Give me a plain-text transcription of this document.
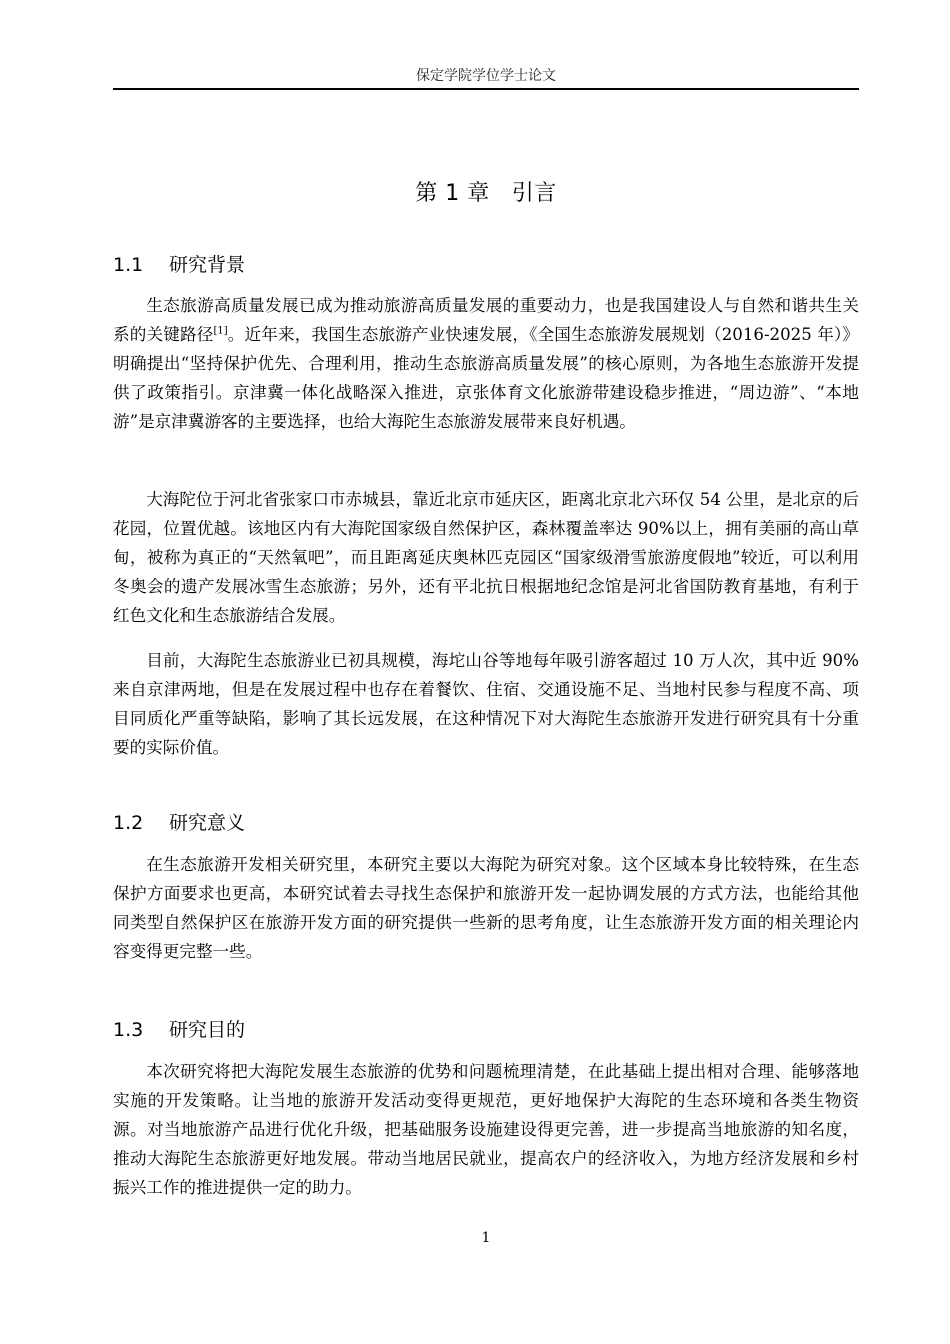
保定学院学位学士论文
第 1 章 引言
1.1 研究背景

生态旅游高质量发展已成为推动旅游高质量发展的重要动力，也是我国建设人与自然和谐共生关系的关键路径[1]。近年来，我国生态旅游产业快速发展，《全国生态旅游发展规划（2016-2025 年）》明确提出“坚持保护优先、合理利用，推动生态旅游高质量发展”的核心原则，为各地生态旅游开发提供了政策指引。京津冀一体化战略深入推进，京张体育文化旅游带建设稳步推进，“周边游”、“本地游”是京津冀游客的主要选择，也给大海陀生态旅游发展带来良好机遇。

大海陀位于河北省张家口市赤城县，靠近北京市延庆区，距离北京北六环仅 54 公里，是北京的后花园，位置优越。该地区内有大海陀国家级自然保护区，森林覆盖率达 90%以上，拥有美丽的高山草甸，被称为真正的“天然氧吧”，而且距离延庆奥林匹克园区“国家级滑雪旅游度假地”较近，可以利用冬奥会的遗产发展冰雪生态旅游；另外，还有平北抗日根据地纪念馆是河北省国防教育基地，有利于红色文化和生态旅游结合发展。

目前，大海陀生态旅游业已初具规模，海坨山谷等地每年吸引游客超过 10 万人次，其中近 90%来自京津两地，但是在发展过程中也存在着餐饮、住宿、交通设施不足、当地村民参与程度不高、项目同质化严重等缺陷，影响了其长远发展，在这种情况下对大海陀生态旅游开发进行研究具有十分重要的实际价值。

1.2 研究意义

在生态旅游开发相关研究里，本研究主要以大海陀为研究对象。这个区域本身比较特殊，在生态保护方面要求也更高，本研究试着去寻找生态保护和旅游开发一起协调发展的方式方法，也能给其他同类型自然保护区在旅游开发方面的研究提供一些新的思考角度，让生态旅游开发方面的相关理论内容变得更完整一些。

1.3 研究目的

本次研究将把大海陀发展生态旅游的优势和问题梳理清楚，在此基础上提出相对合理、能够落地实施的开发策略。让当地的旅游开发活动变得更规范，更好地保护大海陀的生态环境和各类生物资源。对当地旅游产品进行优化升级，把基础服务设施建设得更完善，进一步提高当地旅游的知名度，推动大海陀生态旅游更好地发展。带动当地居民就业，提高农户的经济收入，为地方经济发展和乡村振兴工作的推进提供一定的助力。

1
